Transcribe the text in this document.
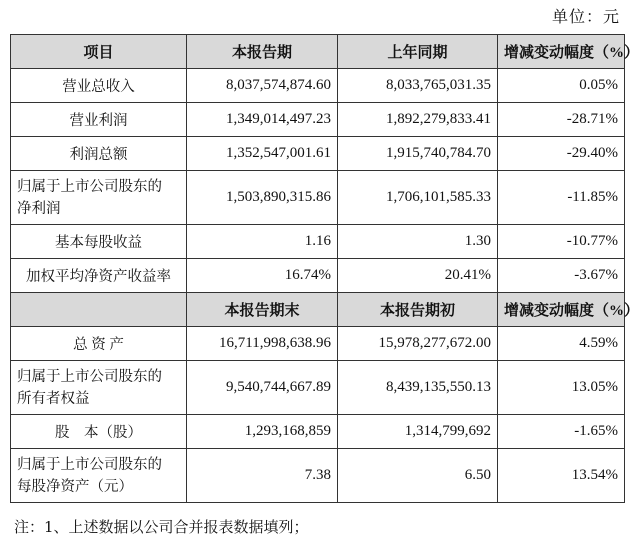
单位：元
项目	本报告期	上年同期	增减变动幅度（%）
营业总收入	8,037,574,874.60	8,033,765,031.35	0.05%
营业利润	1,349,014,497.23	1,892,279,833.41	-28.71%
利润总额	1,352,547,001.61	1,915,740,784.70	-29.40%

归属于上市公司股东的
净利润	1,503,890,315.86	1,706,101,585.33	-11.85%
基本每股收益	1.16	1.30	-10.77%
加权平均净资产收益率	16.74%	20.41%	-3.67%
	本报告期末	本报告期初	增减变动幅度（%）
总 资 产	16,711,998,638.96	15,978,277,672.00	4.59%

归属于上市公司股东的
所有者权益	9,540,744,667.89	8,439,135,550.13	13.05%
股　本（股）	1,293,168,859	1,314,799,692	-1.65%

归属于上市公司股东的
每股净资产（元）	7.38	6.50	13.54%
注：1、上述数据以公司合并报表数据填列；
